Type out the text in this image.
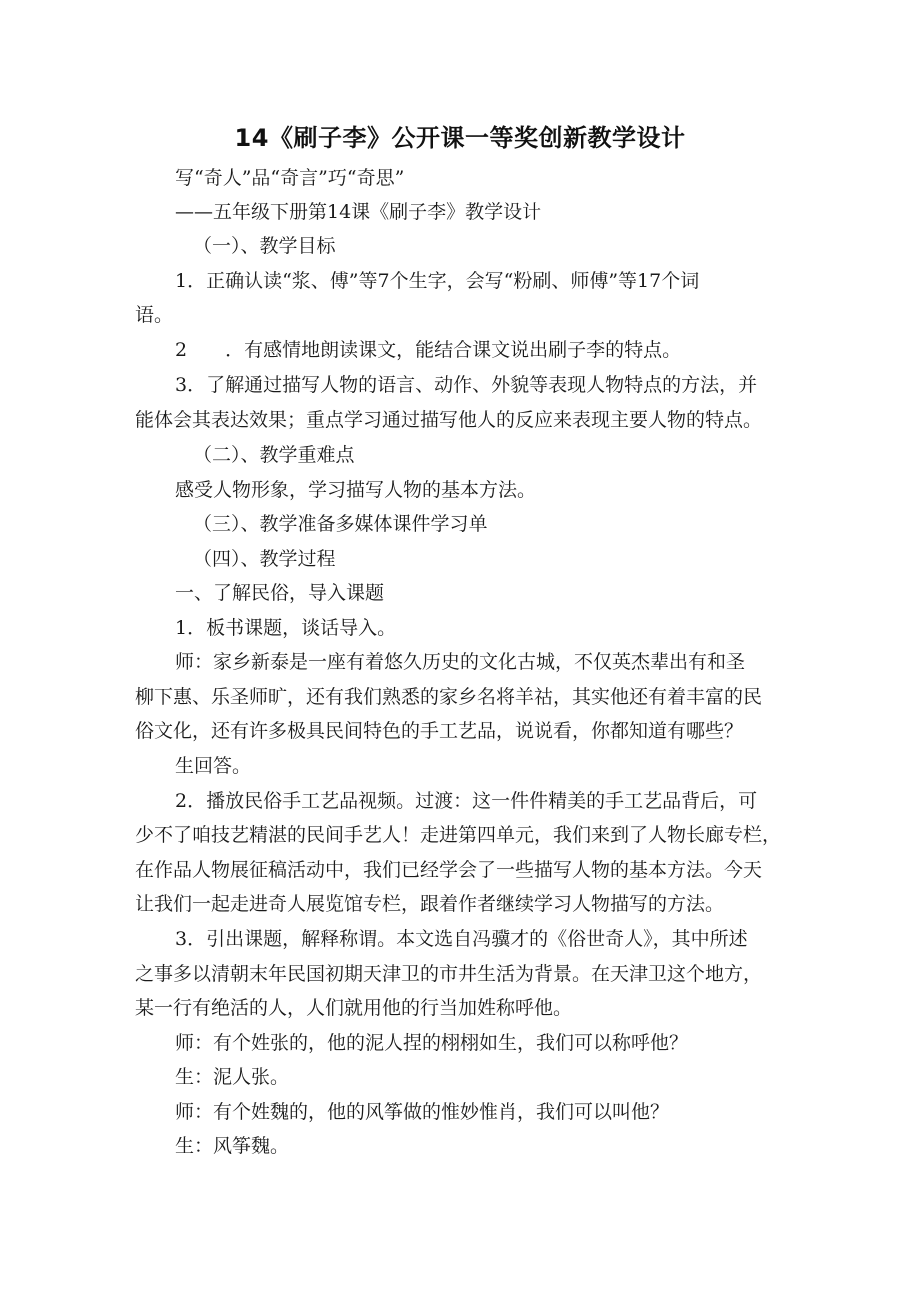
14《刷子李》公开课一等奖创新教学设计

写“奇人”品“奇言”巧“奇思”

——五年级下册第14课《刷子李》教学设计

（一）、教学目标

1．正确认读“浆、傅”等7个生字，会写“粉刷、师傅”等17个词

语。

2　　．有感情地朗读课文，能结合课文说出刷子李的特点。

3．了解通过描写人物的语言、动作、外貌等表现人物特点的方法，并

能体会其表达效果；重点学习通过描写他人的反应来表现主要人物的特点。

（二）、教学重难点

感受人物形象，学习描写人物的基本方法。

（三）、教学准备多媒体课件学习单

（四）、教学过程

一、了解民俗，导入课题

1．板书课题，谈话导入。

师：家乡新泰是一座有着悠久历史的文化古城，不仅英杰辈出有和圣

柳下惠、乐圣师旷，还有我们熟悉的家乡名将羊祜，其实他还有着丰富的民

俗文化，还有许多极具民间特色的手工艺品，说说看，你都知道有哪些？

生回答。

2．播放民俗手工艺品视频。过渡：这一件件精美的手工艺品背后，可

少不了咱技艺精湛的民间手艺人！走进第四单元，我们来到了人物长廊专栏，

在作品人物展征稿活动中，我们已经学会了一些描写人物的基本方法。今天

让我们一起走进奇人展览馆专栏，跟着作者继续学习人物描写的方法。

3．引出课题，解释称谓。本文选自冯骥才的《俗世奇人》，其中所述

之事多以清朝末年民国初期天津卫的市井生活为背景。在天津卫这个地方，

某一行有绝活的人，人们就用他的行当加姓称呼他。

师：有个姓张的，他的泥人捏的栩栩如生，我们可以称呼他？

生：泥人张。

师：有个姓魏的，他的风筝做的惟妙惟肖，我们可以叫他？

生：风筝魏。
